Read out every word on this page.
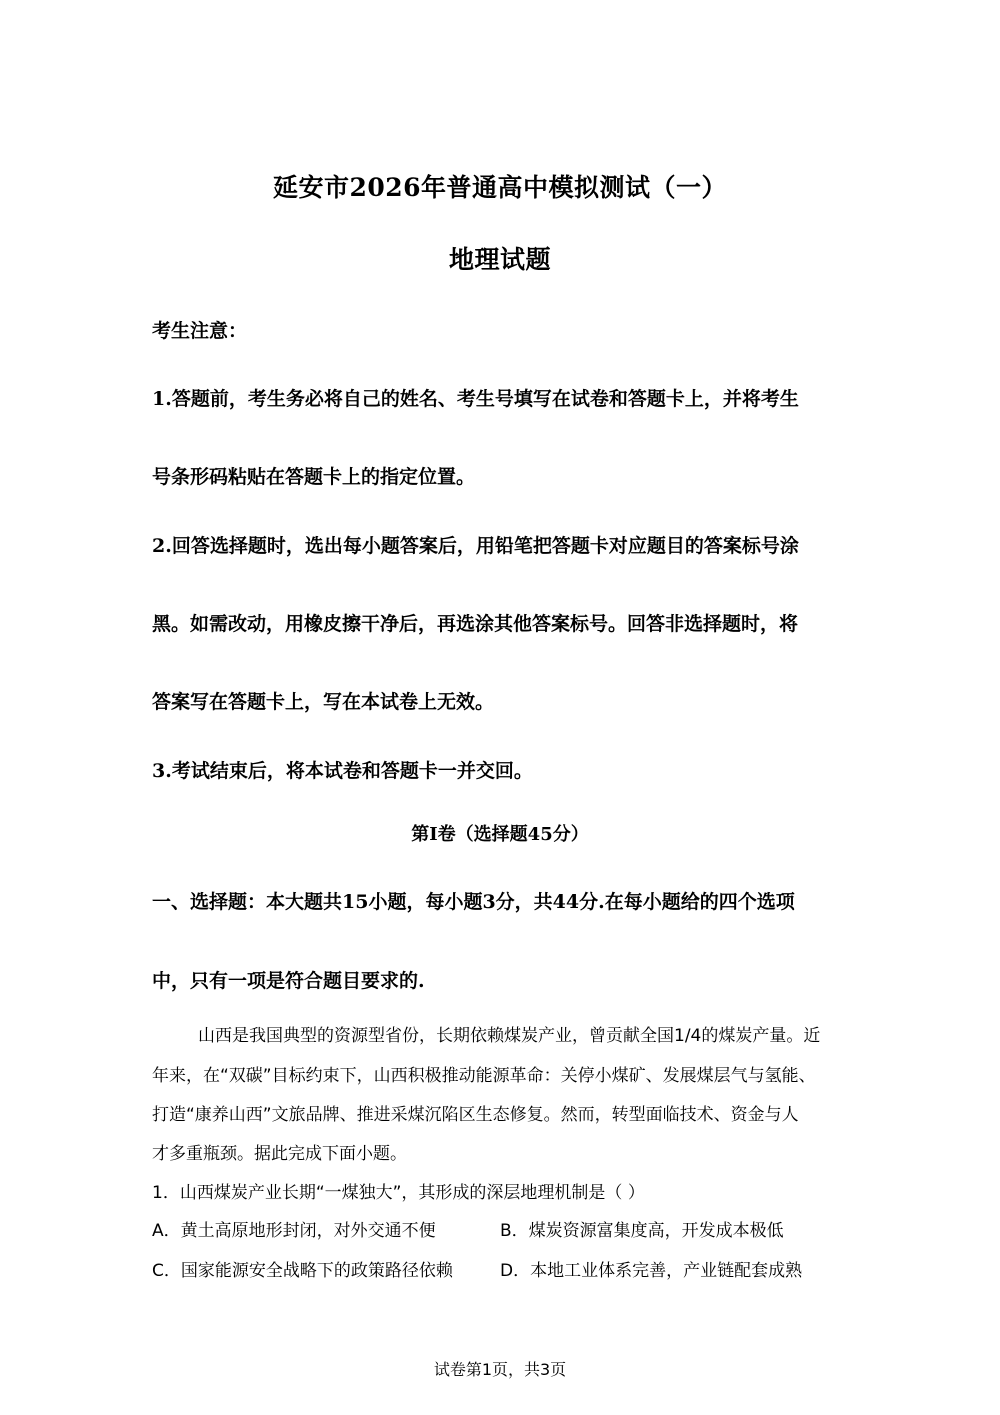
延安市2026年普通高中模拟测试（一）
地理试题
考生注意：
1.答题前，考生务必将自己的姓名、考生号填写在试卷和答题卡上，并将考生
号条形码粘贴在答题卡上的指定位置。
2.回答选择题时，选出每小题答案后，用铅笔把答题卡对应题目的答案标号涂
黑。如需改动，用橡皮擦干净后，再选涂其他答案标号。回答非选择题时，将
答案写在答题卡上，写在本试卷上无效。
3.考试结束后，将本试卷和答题卡一并交回。
第Ⅰ卷（选择题45分）
一、选择题：本大题共15小题，每小题3分，共44分.在每小题给的四个选项
中，只有一项是符合题目要求的.
山西是我国典型的资源型省份，长期依赖煤炭产业，曾贡献全国1/4的煤炭产量。近
年来，在“双碳”目标约束下，山西积极推动能源革命：关停小煤矿、发展煤层气与氢能、
打造“康养山西”文旅品牌、推进采煤沉陷区生态修复。然而，转型面临技术、资金与人
才多重瓶颈。据此完成下面小题。
1．山西煤炭产业长期“一煤独大”，其形成的深层地理机制是（ ）
A．黄土高原地形封闭，对外交通不便	B．煤炭资源富集度高，开发成本极低
C．国家能源安全战略下的政策路径依赖	D．本地工业体系完善，产业链配套成熟
试卷第1页，共3页
